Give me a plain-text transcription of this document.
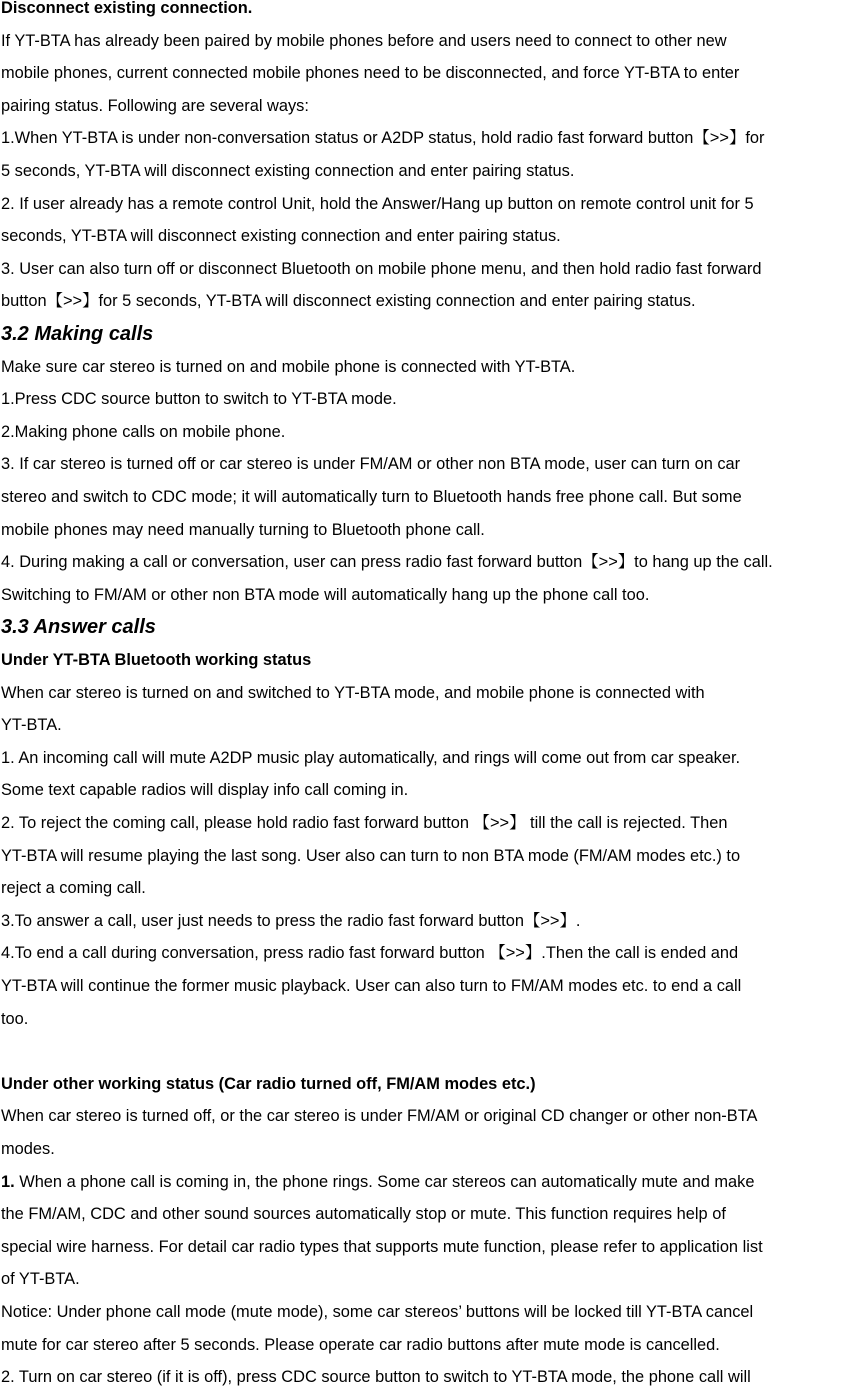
Disconnect existing connection.
If YT-BTA has already been paired by mobile phones before and users need to connect to other new
mobile phones, current connected mobile phones need to be disconnected, and force YT-BTA to enter
pairing status. Following are several ways:
1.When YT-BTA is under non-conversation status or A2DP status, hold radio fast forward button【>>】for
5 seconds, YT-BTA will disconnect existing connection and enter pairing status.
2. If user already has a remote control Unit, hold the Answer/Hang up button on remote control unit for 5
seconds, YT-BTA will disconnect existing connection and enter pairing status.
3. User can also turn off or disconnect Bluetooth on mobile phone menu, and then hold radio fast forward
button【>>】for 5 seconds, YT-BTA will disconnect existing connection and enter pairing status.
3.2 Making calls
Make sure car stereo is turned on and mobile phone is connected with YT-BTA.
1.Press CDC source button to switch to YT-BTA mode.
2.Making phone calls on mobile phone.
3. If car stereo is turned off or car stereo is under FM/AM or other non BTA mode, user can turn on car
stereo and switch to CDC mode; it will automatically turn to Bluetooth hands free phone call. But some
mobile phones may need manually turning to Bluetooth phone call.
4. During making a call or conversation, user can press radio fast forward button【>>】to hang up the call.
Switching to FM/AM or other non BTA mode will automatically hang up the phone call too.
3.3 Answer calls
Under YT-BTA Bluetooth working status
When car stereo is turned on and switched to YT-BTA mode, and mobile phone is connected with
YT-BTA.
1. An incoming call will mute A2DP music play automatically, and rings will come out from car speaker.
Some text capable radios will display info call coming in.
2. To reject the coming call, please hold radio fast forward button 【>>】 till the call is rejected. Then
YT-BTA will resume playing the last song. User also can turn to non BTA mode (FM/AM modes etc.) to
reject a coming call.
3.To answer a call, user just needs to press the radio fast forward button【>>】.
4.To end a call during conversation, press radio fast forward button 【>>】.Then the call is ended and
YT-BTA will continue the former music playback. User can also turn to FM/AM modes etc. to end a call
too.
Under other working status (Car radio turned off, FM/AM modes etc.)
When car stereo is turned off, or the car stereo is under FM/AM or original CD changer or other non-BTA
modes.
1. When a phone call is coming in, the phone rings. Some car stereos can automatically mute and make
the FM/AM, CDC and other sound sources automatically stop or mute. This function requires help of
special wire harness. For detail car radio types that supports mute function, please refer to application list
of YT-BTA.
Notice: Under phone call mode (mute mode), some car stereos’ buttons will be locked till YT-BTA cancel
mute for car stereo after 5 seconds. Please operate car radio buttons after mute mode is cancelled.
2. Turn on car stereo (if it is off), press CDC source button to switch to YT-BTA mode, the phone call will
